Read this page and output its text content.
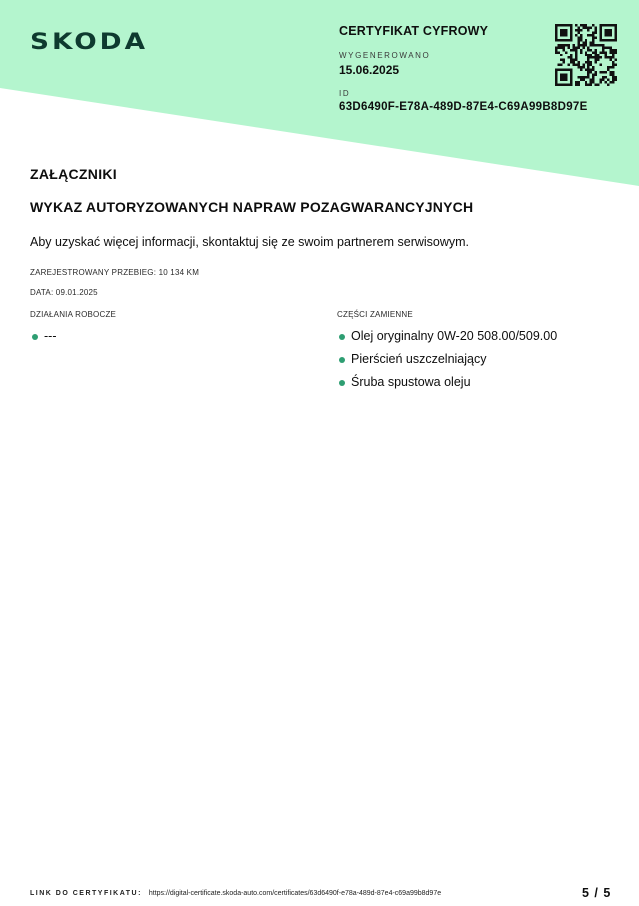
SKODA	CERTYFIKAT CYFROWY
WYGENEROWANO
15.06.2025
ID
63D6490F-E78A-489D-87E4-C69A99B8D97E
ZAŁĄCZNIKI
WYKAZ AUTORYZOWANYCH NAPRAW POZAGWARANCYJNYCH
Aby uzyskać więcej informacji, skontaktuj się ze swoim partnerem serwisowym.
ZAREJESTROWANY PRZEBIEG: 10 134 KM
DATA: 09.01.2025
DZIAŁANIA ROBOCZE
---
CZĘŚCI ZAMIENNE
Olej oryginalny 0W-20 508.00/509.00
Pierścień uszczelniający
Śruba spustowa oleju
LINK DO CERTYFIKATU: https://digital-certificate.skoda-auto.com/certificates/63d6490f-e78a-489d-87e4-c69a99b8d97e	5 / 5
